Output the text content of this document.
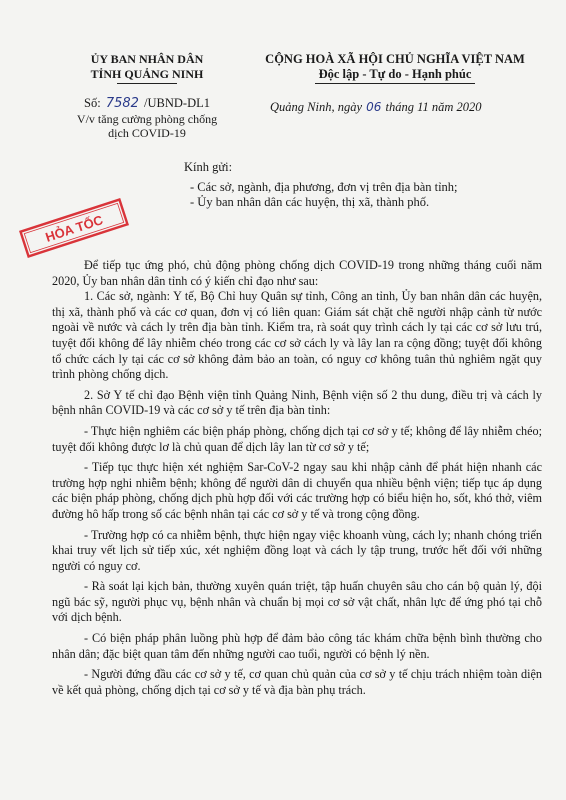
ỦY BAN NHÂN DÂN
TỈNH QUẢNG NINH
CỘNG HOÀ XÃ HỘI CHỦ NGHĨA VIỆT NAM
Độc lập - Tự do - Hạnh phúc
Số: 7582 /UBND-DL1
V/v tăng cường phòng chống
dịch COVID-19
Quảng Ninh, ngày 06 tháng 11 năm 2020
HỎA TỐC
Kính gửi:
- Các sở, ngành, địa phương, đơn vị trên địa bàn tỉnh;
- Ủy ban nhân dân các huyện, thị xã, thành phố.

Để tiếp tục ứng phó, chủ động phòng chống dịch COVID-19 trong những tháng cuối năm 2020, Ủy ban nhân dân tỉnh có ý kiến chỉ đạo như sau:

1. Các sở, ngành: Y tế, Bộ Chỉ huy Quân sự tỉnh, Công an tỉnh, Ủy ban nhân dân các huyện, thị xã, thành phố và các cơ quan, đơn vị có liên quan: Giám sát chặt chẽ người nhập cảnh từ nước ngoài về nước và cách ly trên địa bàn tỉnh. Kiểm tra, rà soát quy trình cách ly tại các cơ sở lưu trú, tuyệt đối không để lây nhiễm chéo trong các cơ sở cách ly và lây lan ra cộng đồng; tuyệt đối không tổ chức cách ly tại các cơ sở không đảm bảo an toàn, có nguy cơ không tuân thủ nghiêm ngặt quy trình phòng chống dịch.

2. Sở Y tế chỉ đạo Bệnh viện tỉnh Quảng Ninh, Bệnh viện số 2 thu dung, điều trị và cách ly bệnh nhân COVID-19 và các cơ sở y tế trên địa bàn tỉnh:

- Thực hiện nghiêm các biện pháp phòng, chống dịch tại cơ sở y tế; không để lây nhiễm chéo; tuyệt đối không được lơ là chủ quan để dịch lây lan từ cơ sở y tế;

- Tiếp tục thực hiện xét nghiệm Sar-CoV-2 ngay sau khi nhập cảnh để phát hiện nhanh các trường hợp nghi nhiễm bệnh; không để người dân di chuyển qua nhiều bệnh viện; tiếp tục áp dụng các biện pháp phòng, chống dịch phù hợp đối với các trường hợp có biểu hiện ho, sốt, khó thở, viêm đường hô hấp trong số các bệnh nhân tại các cơ sở y tế và trong cộng đồng.

- Trường hợp có ca nhiễm bệnh, thực hiện ngay việc khoanh vùng, cách ly; nhanh chóng triển khai truy vết lịch sử tiếp xúc, xét nghiệm đồng loạt và cách ly tập trung, trước hết đối với những người có nguy cơ.

- Rà soát lại kịch bản, thường xuyên quán triệt, tập huấn chuyên sâu cho cán bộ quản lý, đội ngũ bác sỹ, người phục vụ, bệnh nhân và chuẩn bị mọi cơ sở vật chất, nhân lực để ứng phó tại chỗ với dịch bệnh.

- Có biện pháp phân luồng phù hợp để đảm bảo công tác khám chữa bệnh bình thường cho nhân dân; đặc biệt quan tâm đến những người cao tuổi, người có bệnh lý nền.

- Người đứng đầu các cơ sở y tế, cơ quan chủ quản của cơ sở y tế chịu trách nhiệm toàn diện về kết quả phòng, chống dịch tại cơ sở y tế và địa bàn phụ trách.
